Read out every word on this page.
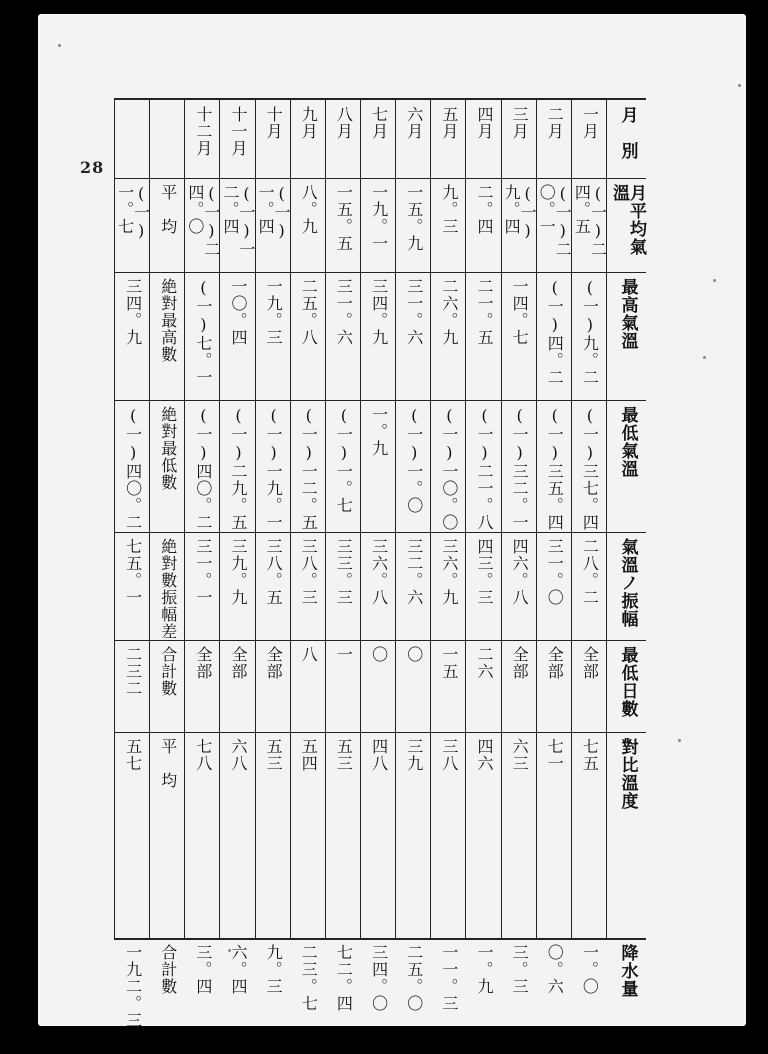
28
月　別
月平均氣溫
最高氣溫
最低氣溫
氣溫ノ振幅
最低日數
對比溫度
降水量
一月
(一)二四。五
(一)九。二
(一)三七。四
二八。二
全部
七五
一。〇
二月
(一)二〇。一
(一)四。二
(一)三五。四
三一。〇
全部
七一
〇。六
三月
(一)九。四
一四。七
(一)三二。一
四六。八
全部
六三
三。三
四月
二。四
二一。五
(一)二一。八
四三。三
二六
四六
一。九
五月
九。三
二六。九
(一)一〇。〇
三六。九
一五
三八
一一。三
六月
一五。九
三一。六
(一)一。〇
三二。六
〇
三九
二五。〇
七月
一九。一
三四。九
一。九
三六。八
〇
四八
三四。〇
八月
一五。五
三一。六
(一)一。七
三三。三
一
五三
七二。四
九月
八。九
二五。八
(一)一二。五
三八。三
八
五四
二三。七
十月
(一)一。四
一九。三
(一)一九。一
三八。五
全部
五三
九。三
十一月
(一)一二。四
一〇。四
(一)二九。五
三九。九
全部
六八
六。四
十二月
(一)二四。〇
(一)七。一
(一)四〇。二
三一。一
全部
七八
三。四
平　均
絶對最高數
絶對最低數
絶對數振幅差
合計數
平　均
合計數
(一)　一。七
三四。九
(一)四〇。二
七五。一
二三二
五七
一九二。三
